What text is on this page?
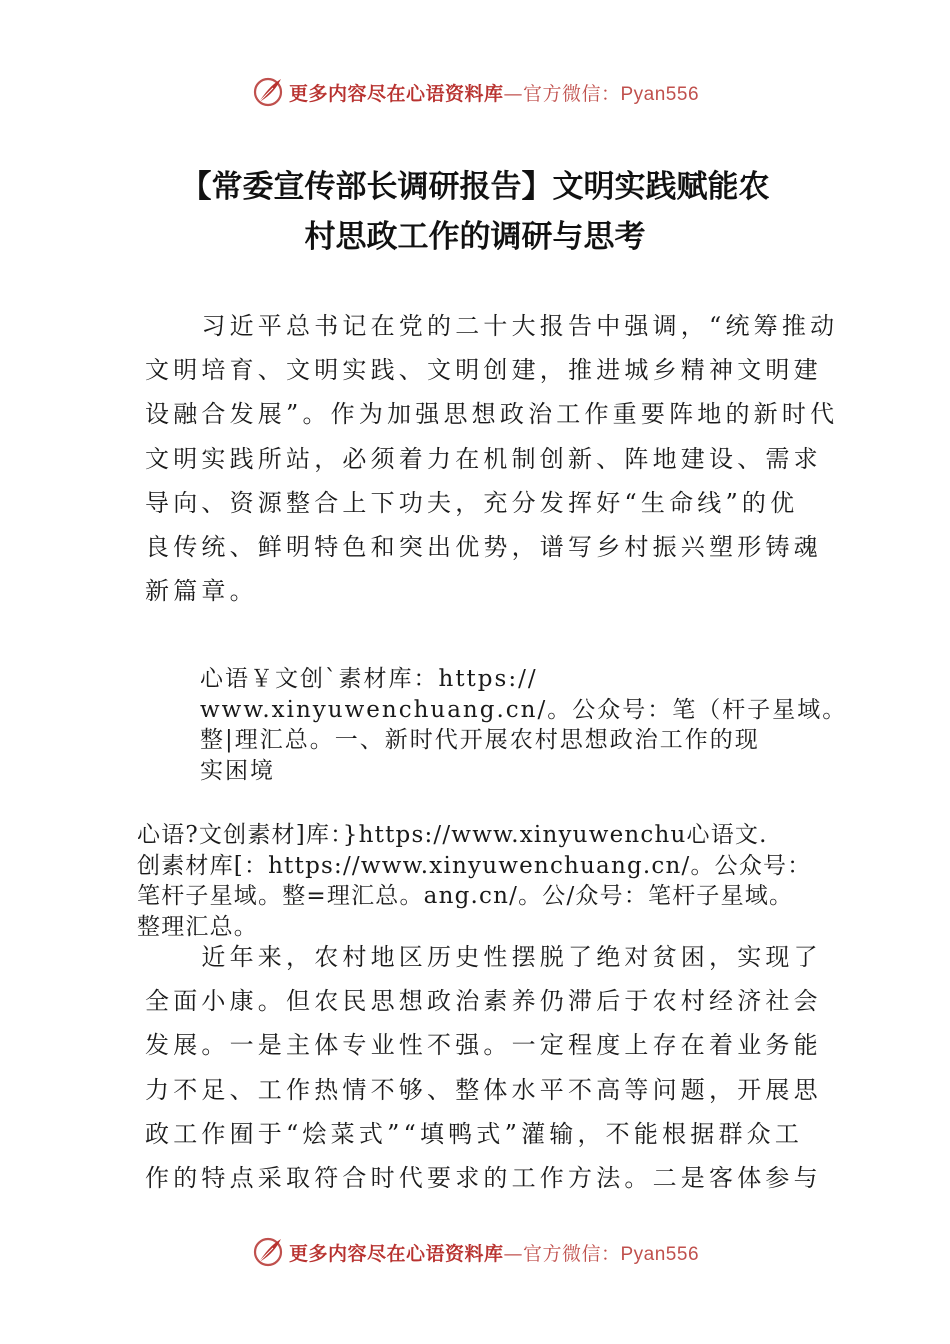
更多内容尽在心语资料库—官方微信：Pyan556
【常委宣传部长调研报告】文明实践赋能农
村思政工作的调研与思考
　　习近平总书记在党的二十大报告中强调，“统筹推动
文明培育、文明实践、文明创建，推进城乡精神文明建
设融合发展”。作为加强思想政治工作重要阵地的新时代
文明实践所站，必须着力在机制创新、阵地建设、需求
导向、资源整合上下功夫，充分发挥好“生命线”的优
良传统、鲜明特色和突出优势，谱写乡村振兴塑形铸魂
新篇章。
心语￥文创`素材库：https://
www.xinyuwenchuang.cn/。公众号：笔（杆子星域。
整|理汇总。一、新时代开展农村思想政治工作的现
实困境
心语?文创素材]库：}https://www.xinyuwenchu心语文.
创素材库[：https://www.xinyuwenchuang.cn/。公众号：
笔杆子星域。整=理汇总。ang.cn/。公/众号：笔杆子星域。
整理汇总。
　　近年来，农村地区历史性摆脱了绝对贫困，实现了
全面小康。但农民思想政治素养仍滞后于农村经济社会
发展。一是主体专业性不强。一定程度上存在着业务能
力不足、工作热情不够、整体水平不高等问题，开展思
政工作囿于“烩菜式”“填鸭式”灌输，不能根据群众工
作的特点采取符合时代要求的工作方法。二是客体参与
更多内容尽在心语资料库—官方微信：Pyan556
